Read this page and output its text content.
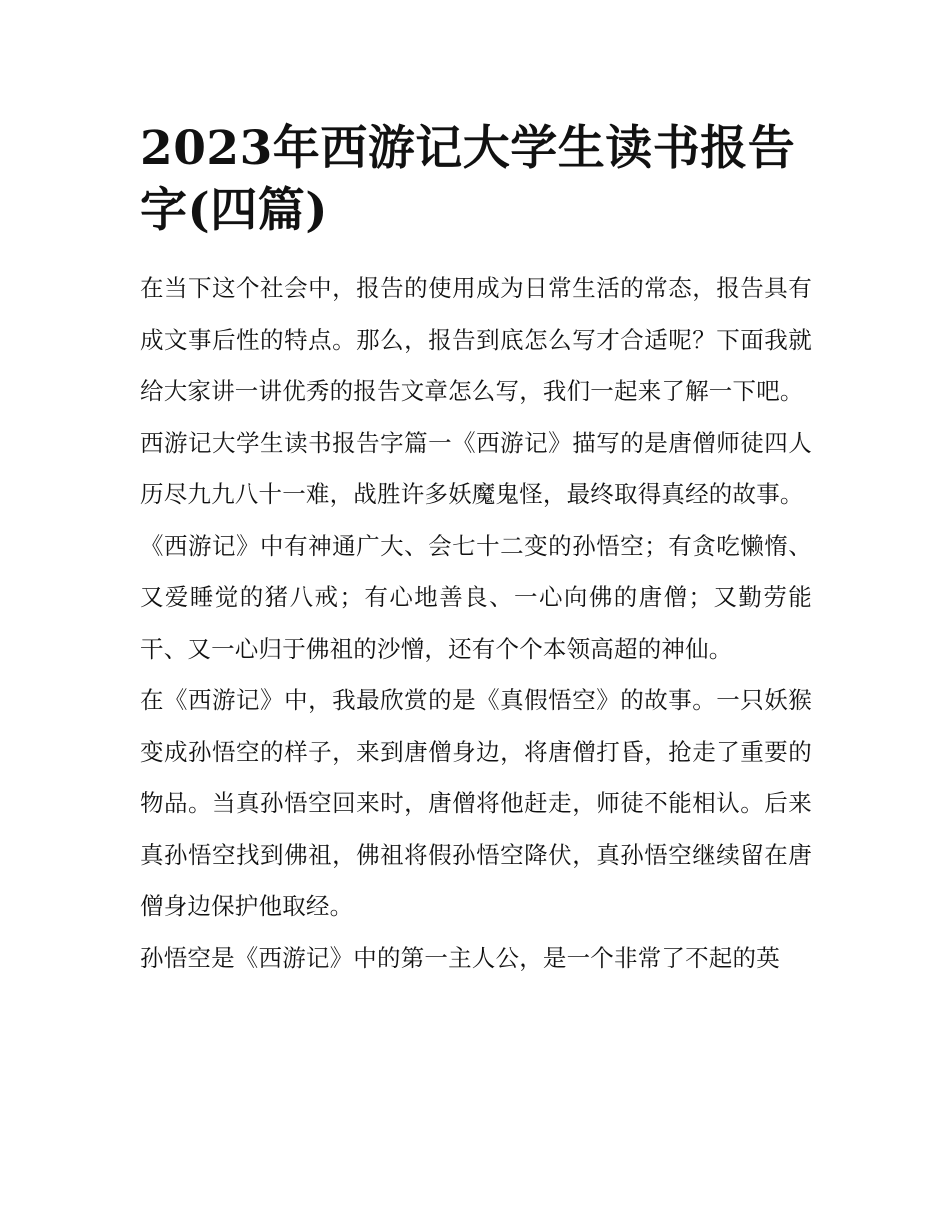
2023年西游记大学生读书报告字(四篇)

在当下这个社会中，报告的使用成为日常生活的常态，报告具有成文事后性的特点。那么，报告到底怎么写才合适呢？下面我就给大家讲一讲优秀的报告文章怎么写，我们一起来了解一下吧。

西游记大学生读书报告字篇一《西游记》描写的是唐僧师徒四人历尽九九八十一难，战胜许多妖魔鬼怪，最终取得真经的故事。

《西游记》中有神通广大、会七十二变的孙悟空；有贪吃懒惰、又爱睡觉的猪八戒；有心地善良、一心向佛的唐僧；又勤劳能干、又一心归于佛祖的沙憎，还有个个本领高超的神仙。

在《西游记》中，我最欣赏的是《真假悟空》的故事。一只妖猴变成孙悟空的样子，来到唐僧身边，将唐僧打昏，抢走了重要的物品。当真孙悟空回来时，唐僧将他赶走，师徒不能相认。后来真孙悟空找到佛祖，佛祖将假孙悟空降伏，真孙悟空继续留在唐僧身边保护他取经。

孙悟空是《西游记》中的第一主人公，是一个非常了不起的英
